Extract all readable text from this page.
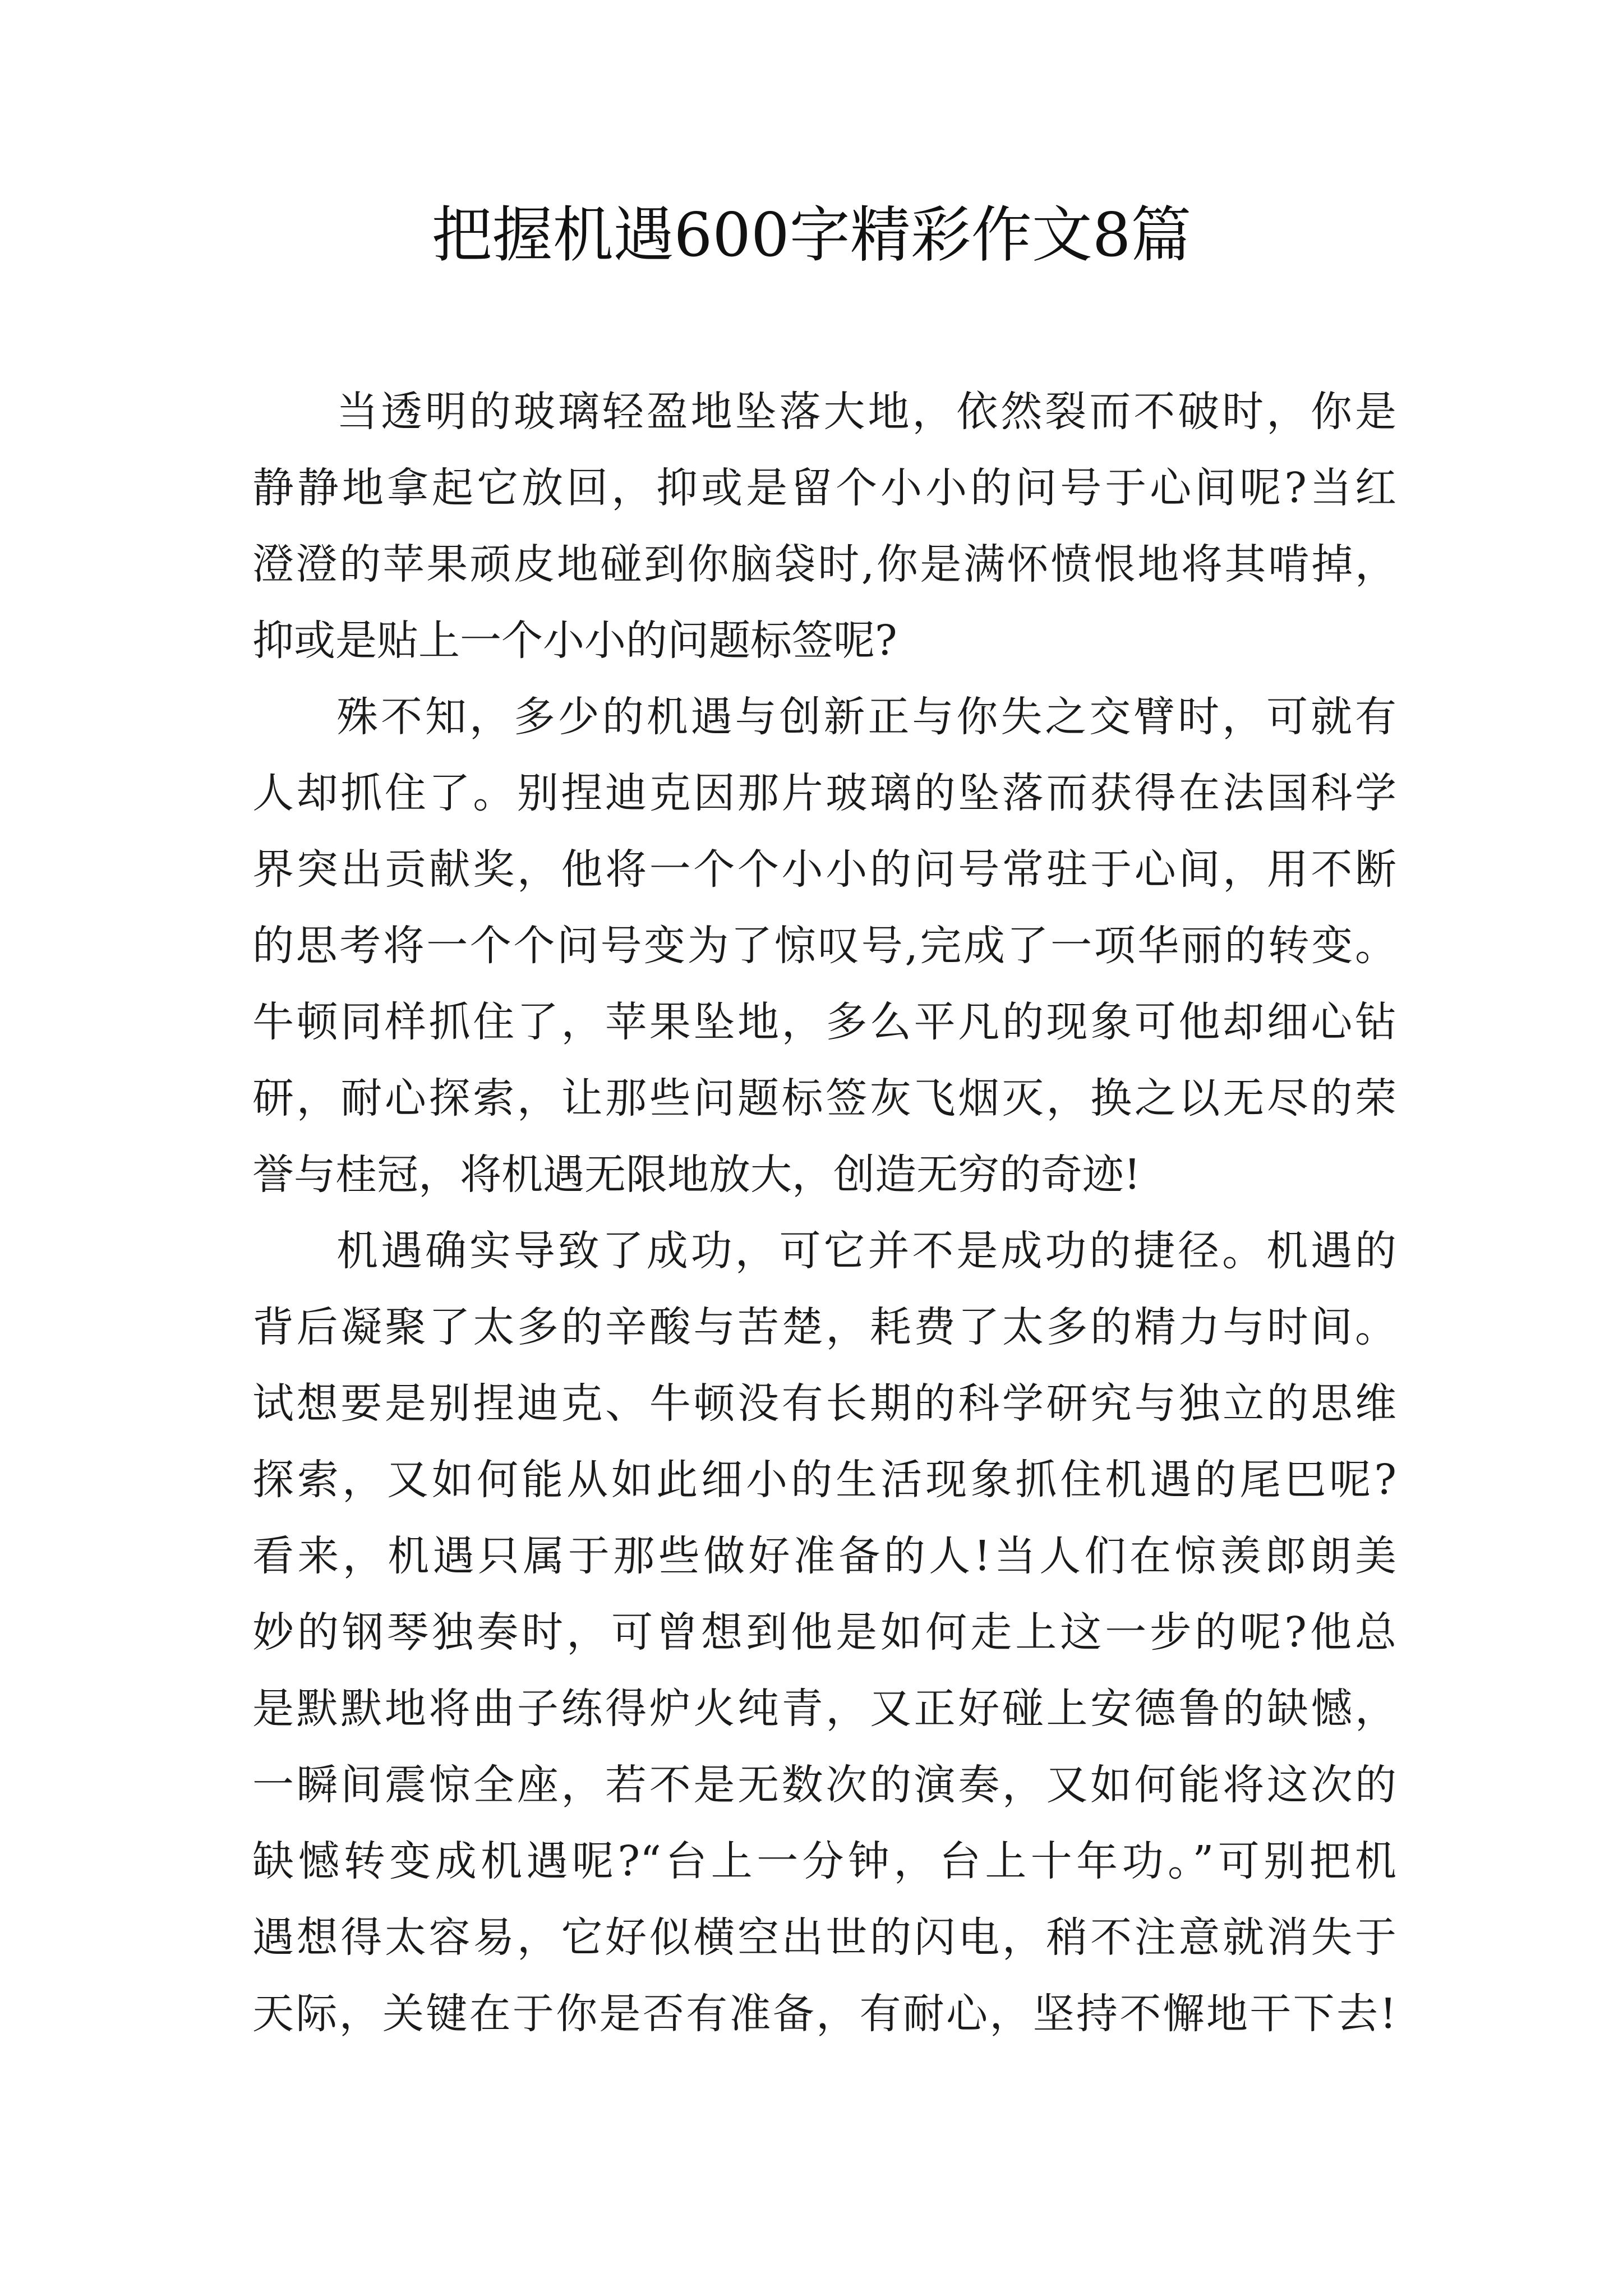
把握机遇600字精彩作文8篇
当透明的玻璃轻盈地坠落大地，依然裂而不破时，你是
静静地拿起它放回，抑或是留个小小的问号于心间呢?当红
澄澄的苹果顽皮地碰到你脑袋时,你是满怀愤恨地将其啃掉，
抑或是贴上一个小小的问题标签呢?
殊不知，多少的机遇与创新正与你失之交臂时，可就有
人却抓住了。别捏迪克因那片玻璃的坠落而获得在法国科学
界突出贡献奖，他将一个个小小的问号常驻于心间，用不断
的思考将一个个问号变为了惊叹号,完成了一项华丽的转变。
牛顿同样抓住了，苹果坠地，多么平凡的现象可他却细心钻
研，耐心探索，让那些问题标签灰飞烟灭，换之以无尽的荣
誉与桂冠，将机遇无限地放大，创造无穷的奇迹!
机遇确实导致了成功，可它并不是成功的捷径。机遇的
背后凝聚了太多的辛酸与苦楚，耗费了太多的精力与时间。
试想要是别捏迪克、牛顿没有长期的科学研究与独立的思维
探索，又如何能从如此细小的生活现象抓住机遇的尾巴呢?
看来，机遇只属于那些做好准备的人!当人们在惊羡郎朗美
妙的钢琴独奏时，可曾想到他是如何走上这一步的呢?他总
是默默地将曲子练得炉火纯青，又正好碰上安德鲁的缺憾，
一瞬间震惊全座，若不是无数次的演奏，又如何能将这次的
缺憾转变成机遇呢?“台上一分钟，台上十年功。”可别把机
遇想得太容易，它好似横空出世的闪电，稍不注意就消失于
天际，关键在于你是否有准备，有耐心，坚持不懈地干下去!
